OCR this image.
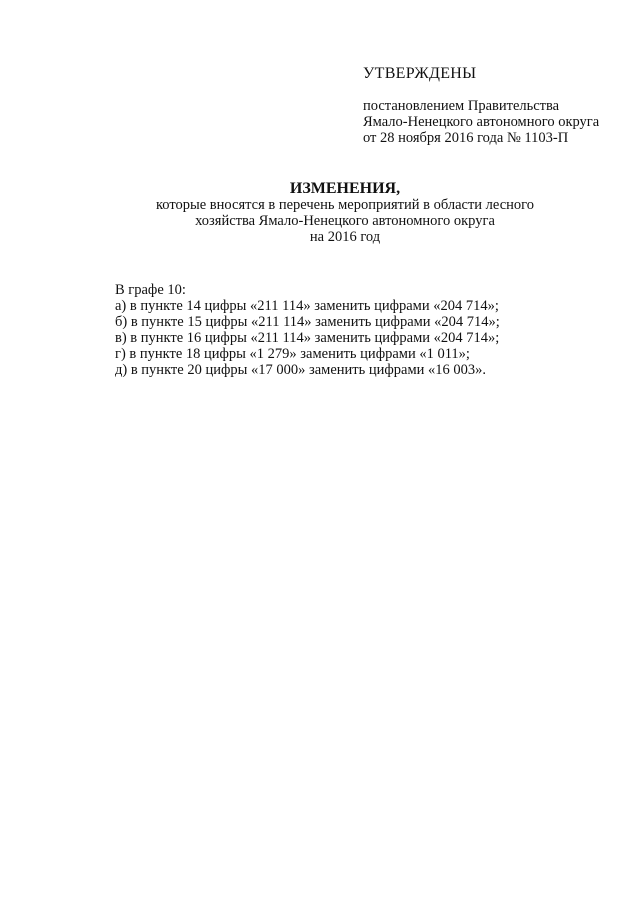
УТВЕРЖДЕНЫ
постановлением Правительства
Ямало-Ненецкого автономного округа
от 28 ноября 2016 года № 1103-П
ИЗМЕНЕНИЯ,
которые вносятся в перечень мероприятий в области лесного
хозяйства Ямало-Ненецкого автономного округа
на 2016 год
В графе 10:
а) в пункте 14 цифры «211 114» заменить цифрами «204 714»;
б) в пункте 15 цифры «211 114» заменить цифрами «204 714»;
в) в пункте 16 цифры «211 114» заменить цифрами «204 714»;
г) в пункте 18 цифры «1 279» заменить цифрами «1 011»;
д) в пункте 20 цифры «17 000» заменить цифрами «16 003».
